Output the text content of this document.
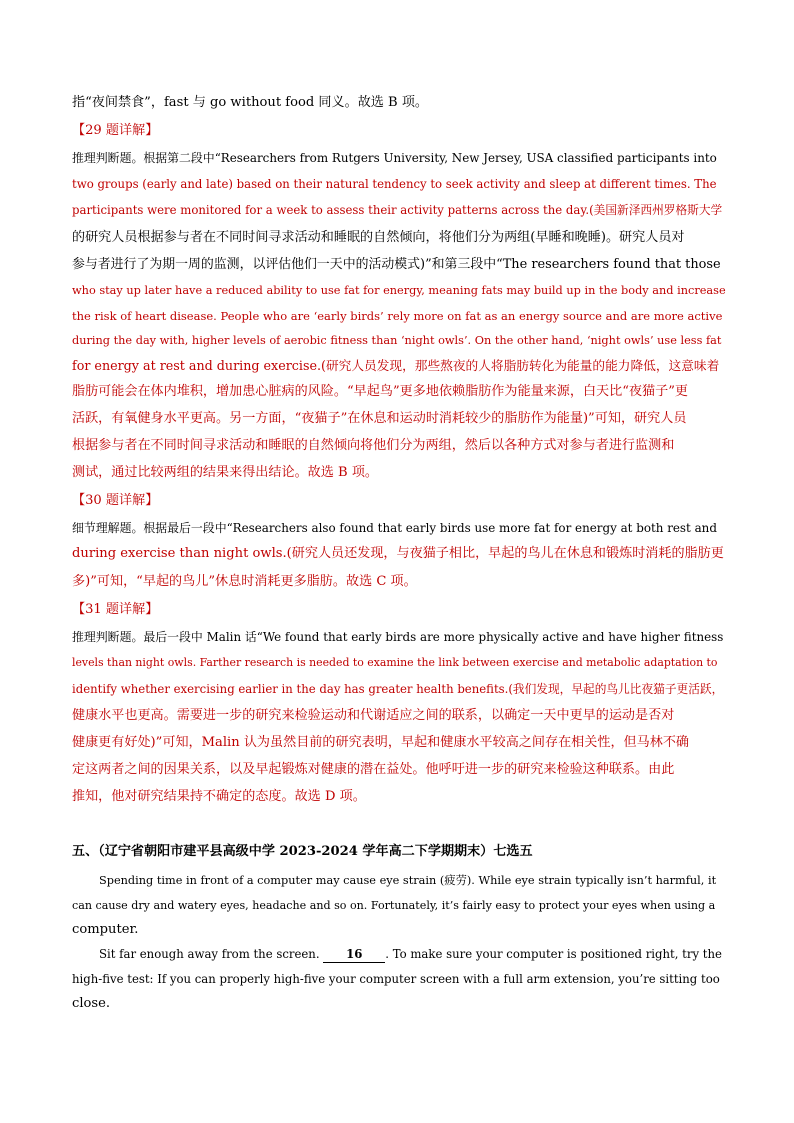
指“夜间禁食”，fast 与 go without food 同义。故选 B 项。
【29 题详解】
推理判断题。根据第二段中“Researchers from Rutgers University, New Jersey, USA classified participants into
two groups (early and late) based on their natural tendency to seek activity and sleep at different times. The
participants were monitored for a week to assess their activity patterns across the day.(美国新泽西州罗格斯大学
的研究人员根据参与者在不同时间寻求活动和睡眠的自然倾向，将他们分为两组(早睡和晚睡)。研究人员对
参与者进行了为期一周的监测，以评估他们一天中的活动模式)”和第三段中“The researchers found that those
who stay up later have a reduced ability to use fat for energy, meaning fats may build up in the body and increase
the risk of heart disease. People who are ‘early birds’ rely more on fat as an energy source and are more active
during the day with, higher levels of aerobic fitness than ‘night owls’. On the other hand, ‘night owls’ use less fat
for energy at rest and during exercise.(研究人员发现，那些熬夜的人将脂肪转化为能量的能力降低，这意味着
脂肪可能会在体内堆积，增加患心脏病的风险。“早起鸟”更多地依赖脂肪作为能量来源，白天比“夜猫子”更
活跃，有氧健身水平更高。另一方面，“夜猫子”在休息和运动时消耗较少的脂肪作为能量)”可知，研究人员
根据参与者在不同时间寻求活动和睡眠的自然倾向将他们分为两组，然后以各种方式对参与者进行监测和
测试，通过比较两组的结果来得出结论。故选 B 项。
【30 题详解】
细节理解题。根据最后一段中“Researchers also found that early birds use more fat for energy at both rest and
during exercise than night owls.(研究人员还发现，与夜猫子相比，早起的鸟儿在休息和锻炼时消耗的脂肪更
多)”可知，“早起的鸟儿”休息时消耗更多脂肪。故选 C 项。
【31 题详解】
推理判断题。最后一段中 Malin 话“We found that early birds are more physically active and have higher fitness
levels than night owls. Farther research is needed to examine the link between exercise and metabolic adaptation to
identify whether exercising earlier in the day has greater health benefits.(我们发现，早起的鸟儿比夜猫子更活跃，
健康水平也更高。需要进一步的研究来检验运动和代谢适应之间的联系，以确定一天中更早的运动是否对
健康更有好处)”可知，Malin 认为虽然目前的研究表明，早起和健康水平较高之间存在相关性，但马林不确
定这两者之间的因果关系，以及早起锻炼对健康的潜在益处。他呼吁进一步的研究来检验这种联系。由此
推知，他对研究结果持不确定的态度。故选 D 项。
五、（辽宁省朝阳市建平县高级中学 2023-2024 学年高二下学期期末）七选五
Spending time in front of a computer may cause eye strain (疲劳). While eye strain typically isn’t harmful, it
can cause dry and watery eyes, headache and so on. Fortunately, it’s fairly easy to protect your eyes when using a
computer.
Sit far enough away from the screen. 16 . To make sure your computer is positioned right, try the
high-five test: If you can properly high-five your computer screen with a full arm extension, you’re sitting too
close.
